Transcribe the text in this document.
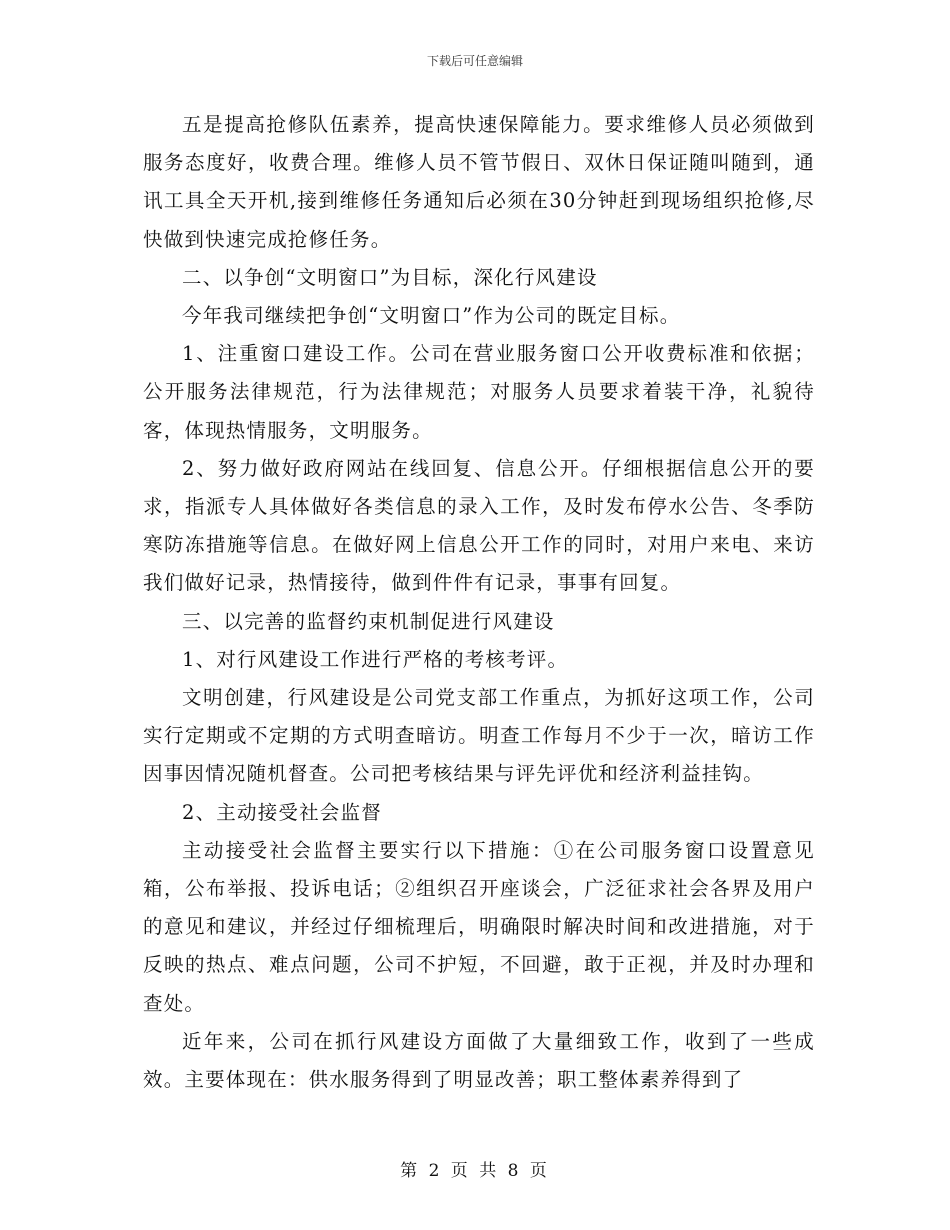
下载后可任意编辑

五是提高抢修队伍素养，提高快速保障能力。要求维修人员必须做到服务态度好，收费合理。维修人员不管节假日、双休日保证随叫随到，通讯工具全天开机,接到维修任务通知后必须在30分钟赶到现场组织抢修,尽快做到快速完成抢修任务。

二、以争创“文明窗口”为目标，深化行风建设

今年我司继续把争创“文明窗口”作为公司的既定目标。

1、注重窗口建设工作。公司在营业服务窗口公开收费标准和依据；公开服务法律规范，行为法律规范；对服务人员要求着装干净，礼貌待客，体现热情服务，文明服务。

2、努力做好政府网站在线回复、信息公开。仔细根据信息公开的要求，指派专人具体做好各类信息的录入工作，及时发布停水公告、冬季防寒防冻措施等信息。在做好网上信息公开工作的同时，对用户来电、来访我们做好记录，热情接待，做到件件有记录，事事有回复。

三、以完善的监督约束机制促进行风建设

1、对行风建设工作进行严格的考核考评。

文明创建，行风建设是公司党支部工作重点，为抓好这项工作，公司实行定期或不定期的方式明查暗访。明查工作每月不少于一次，暗访工作因事因情况随机督查。公司把考核结果与评先评优和经济利益挂钩。

2、主动接受社会监督

主动接受社会监督主要实行以下措施：①在公司服务窗口设置意见箱，公布举报、投诉电话；②组织召开座谈会，广泛征求社会各界及用户的意见和建议，并经过仔细梳理后，明确限时解决时间和改进措施，对于反映的热点、难点问题，公司不护短，不回避，敢于正视，并及时办理和查处。

近年来，公司在抓行风建设方面做了大量细致工作，收到了一些成效。主要体现在：供水服务得到了明显改善；职工整体素养得到了

第 2 页 共 8 页
